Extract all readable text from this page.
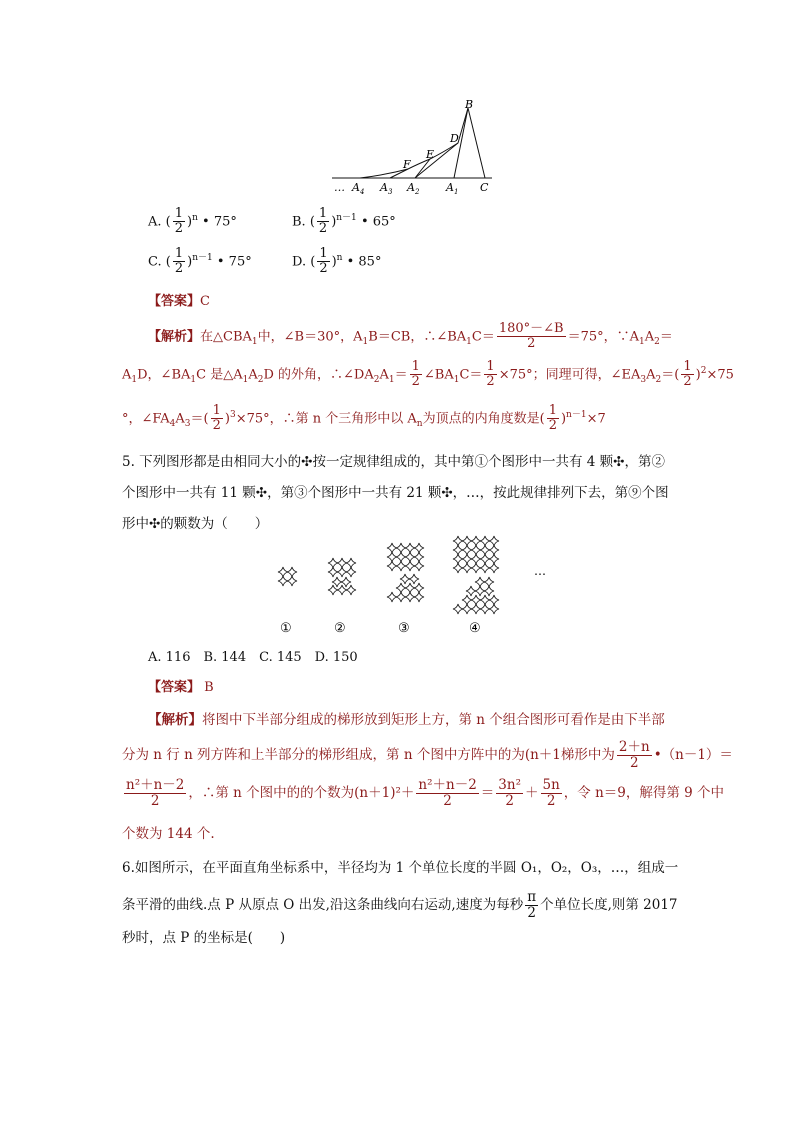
B
D
E
F
… A 4 A 3 A 2 A 1 C
A. ( $\frac{1}{2} )^n$ • 75°	B. ( $\frac{1}{2} )^{n-1}$ • 65°
C. ( $\frac{1}{2} )^{n-1}$ • 75°	D. ( $\frac{1}{2} )^n$ • 85°
【答案】C
【解析】在$\triangle CBA_1$中，∠B＝30°，$A_1B=CB$，$\therefore\angle BA_1C= \frac{180^\circ-\angle B}{2} =75^\circ$，$\because A_1A_2=$
$A_1D$，$\angle BA_1C$ 是$\triangle A_1A_2D$ 的外角，$\therefore\angle DA_2A_1= \frac{1}{2}$ $\angle BA_1C= \frac{1}{2} \times 75^\circ$；同理可得，$\angle EA_3A_2=( \frac{1}{2} )^2\times 75$
°，$\angle FA_4A_3=( \frac{1}{2} )^3\times 75^\circ$，∴第 n 个三角形中以 $A_n$为顶点的内角度数是( $\frac{1}{2} )^{n-1}\times 7$
5. 下列图形都是由相同大小的✣按一定规律组成的，其中第①个图形中一共有 4 颗✣，第②
个图形中一共有 11 颗✣，第③个图形中一共有 21 颗✣，…，按此规律排列下去，第⑨个图
形中✣的颗数为（　　）
…
①	②	③	④
A. 116　B. 144　C. 145　D. 150
【答案】 B
【解析】将图中下半部分组成的梯形放到矩形上方，第 n 个组合图形可看作是由下半部
分为 n 行 n 列方阵和上半部分的梯形组成，第 n 个图中方阵中的为(n＋1梯形中为 $\frac{2+n}{2}$ •（n－1）＝
$\frac{\text{n²＋n－2}}{2}$ ，∴第 n 个图中的的个数为$(n+1)^2+ \frac{\text{n²＋n－2}}{2} = \frac{\text{3n²}}{2} + \frac{5n}{2}$ ，令 n＝9，解得第 9 个中
个数为 144 个.
6.如图所示，在平面直角坐标系中，半径均为 1 个单位长度的半圆 O₁，O₂，O₃，…，组成一
条平滑的曲线.点 P 从原点 O 出发,沿这条曲线向右运动,速度为每秒 $\frac{\pi}{2}$ 个单位长度,则第 2017
秒时，点 P 的坐标是(　　)
